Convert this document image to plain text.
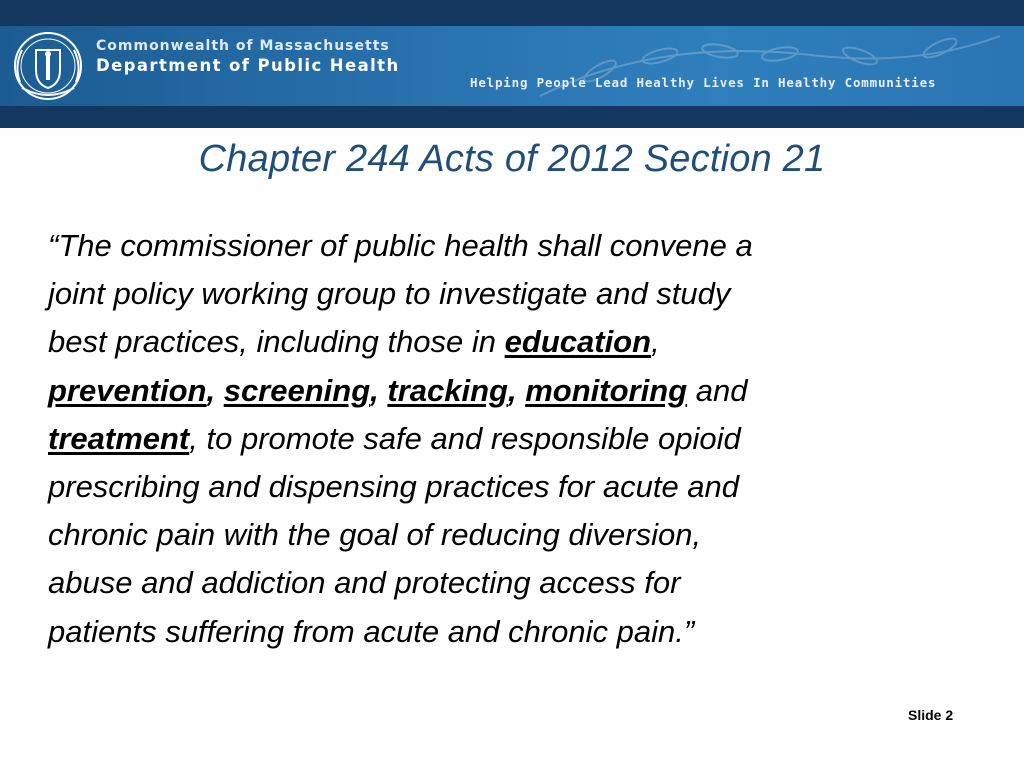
Commonwealth of Massachusetts
Department of Public Health
Helping People Lead Healthy Lives In Healthy Communities
Chapter 244 Acts of 2012 Section 21
“The commissioner of public health shall convene a
joint policy working group to investigate and study
best practices, including those in education,
prevention, screening, tracking, monitoring and
treatment, to promote safe and responsible opioid
prescribing and dispensing practices for acute and
chronic pain with the goal of reducing diversion,
abuse and addiction and protecting access for
patients suffering from acute and chronic pain.”
Slide 2
